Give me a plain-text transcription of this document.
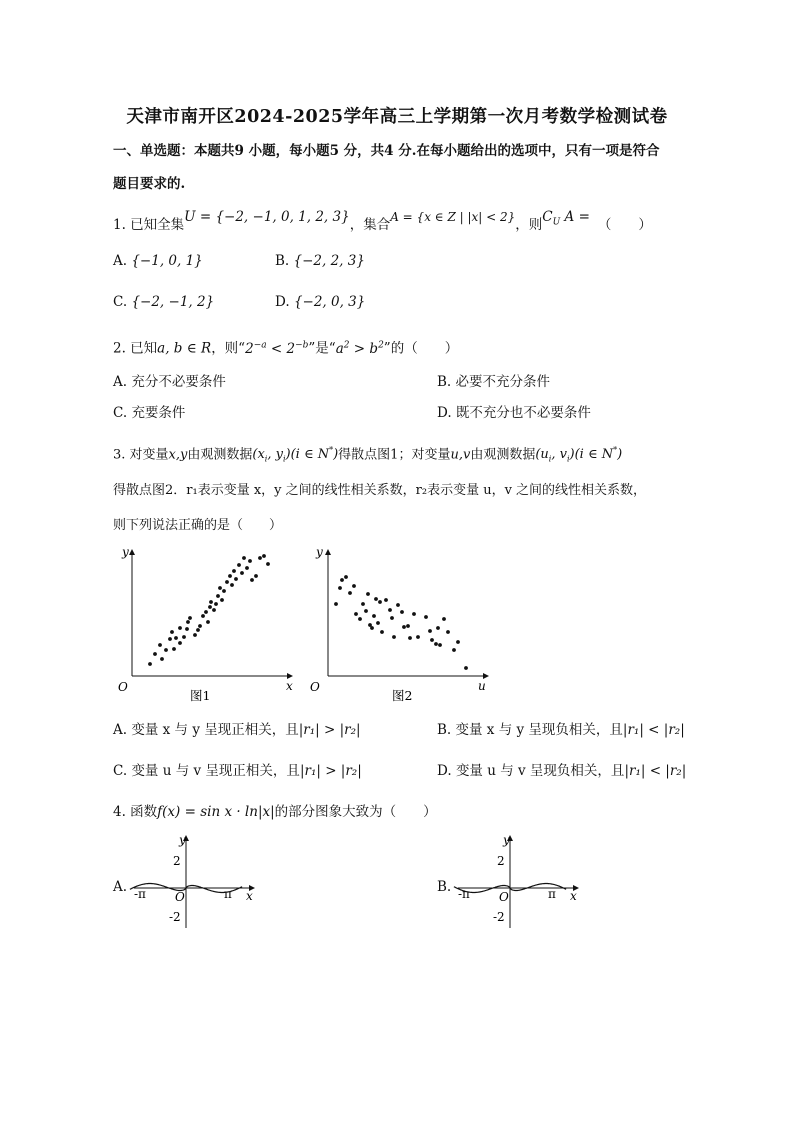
天津市南开区2024-2025学年高三上学期第一次月考数学检测试卷
一、单选题：本题共9 小题，每小题5 分，共4 分.在每小题给出的选项中，只有一项是符合
题目要求的.
1. 已知全集U = {−2, −1, 0, 1, 2, 3}，集合A = {x ∈ Z | |x| < 2}，则$C_U$ A = （　　）
A. {−1, 0, 1}	B. {−2, 2, 3}
C. {−2, −1, 2}	D. {−2, 0, 3}
2. 已知a, b ∈ R，则“$2^{-a} < 2^{-b}$”是“$a^2 > b^2$”的（　　）
A. 充分不必要条件	B. 必要不充分条件
C. 充要条件	D. 既不充分也不必要条件
3. 对变量x,y由观测数据($x_i$, $y_i)(i$ ∈ N*)得散点图1；对变量u,v由观测数据($u_i$, $v_i)(i$ ∈ N*)
得散点图2．r₁表示变量 x，y 之间的线性相关系数，r₂表示变量 u，v 之间的线性相关系数，
则下列说法正确的是（　　）
y
x
O
图1
y
u
O
图2
A. 变量 x 与 y 呈现正相关，且|r₁| > |r₂|	B. 变量 x 与 y 呈现负相关，且|r₁| < |r₂|
C. 变量 u 与 v 呈现正相关，且|r₁| > |r₂|	D. 变量 u 与 v 呈现负相关，且|r₁| < |r₂|
4. 函数f(x) = sin x · ln|x|的部分图象大致为（　　）
A.
y
x
O
2
-2
-π	π	B.
y
x
O
2
-2
-π	π
